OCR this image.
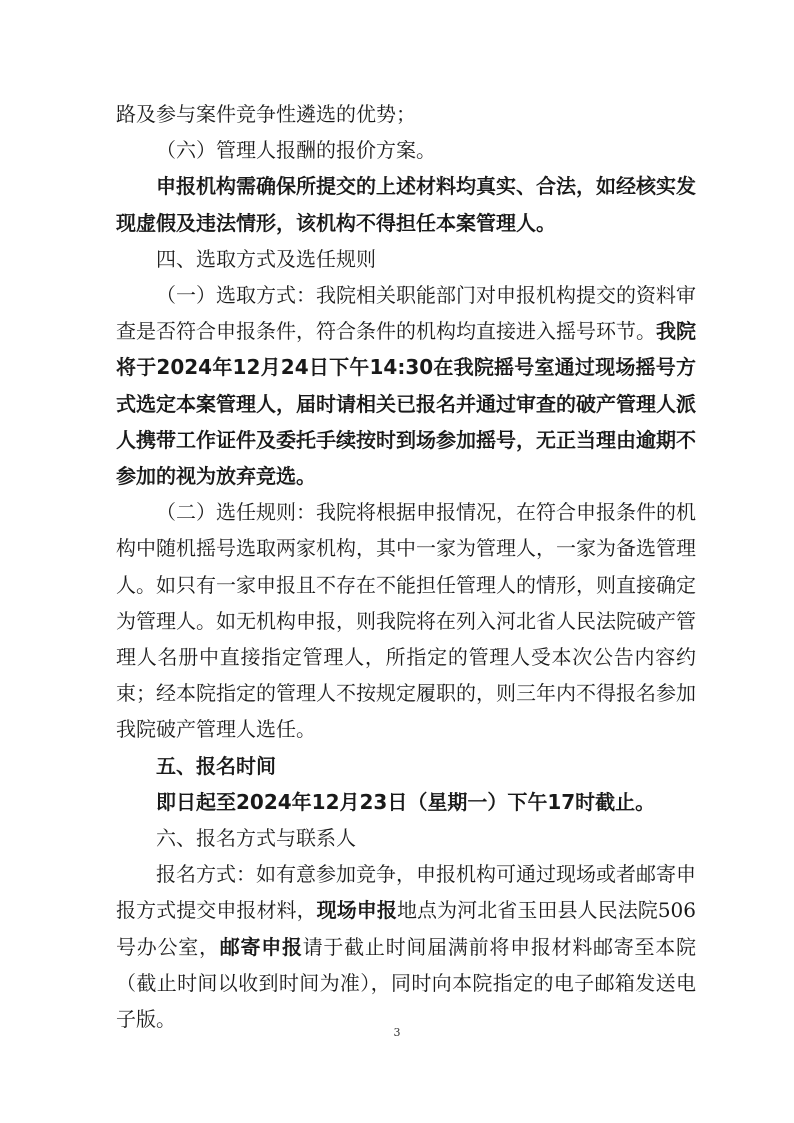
路及参与案件竞争性遴选的优势；

（六）管理人报酬的报价方案。

申报机构需确保所提交的上述材料均真实、合法，如经核实发现虚假及违法情形，该机构不得担任本案管理人。

四、选取方式及选任规则

（一）选取方式：我院相关职能部门对申报机构提交的资料审查是否符合申报条件，符合条件的机构均直接进入摇号环节。我院将于2024年12月24日下午14:30在我院摇号室通过现场摇号方式选定本案管理人，届时请相关已报名并通过审查的破产管理人派人携带工作证件及委托手续按时到场参加摇号，无正当理由逾期不参加的视为放弃竞选。

（二）选任规则：我院将根据申报情况，在符合申报条件的机构中随机摇号选取两家机构，其中一家为管理人，一家为备选管理人。如只有一家申报且不存在不能担任管理人的情形，则直接确定为管理人。如无机构申报，则我院将在列入河北省人民法院破产管理人名册中直接指定管理人，所指定的管理人受本次公告内容约束；经本院指定的管理人不按规定履职的，则三年内不得报名参加我院破产管理人选任。

五、报名时间

即日起至2024年12月23日（星期一）下午17时截止。

六、报名方式与联系人

报名方式：如有意参加竞争，申报机构可通过现场或者邮寄申报方式提交申报材料，现场申报地点为河北省玉田县人民法院506号办公室，邮寄申报请于截止时间届满前将申报材料邮寄至本院（截止时间以收到时间为准），同时向本院指定的电子邮箱发送电子版。

3
